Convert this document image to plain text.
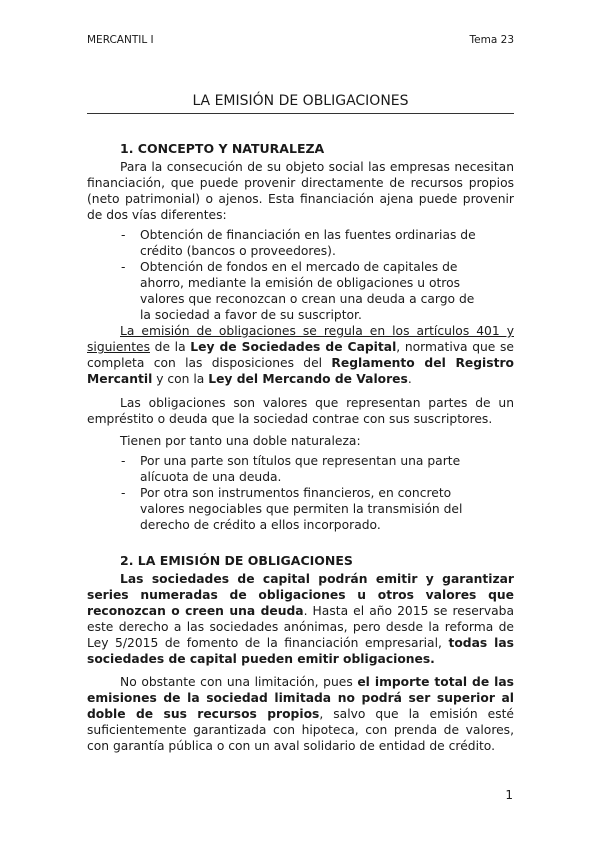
MERCANTIL I	Tema 23
LA EMISIÓN DE OBLIGACIONES
1. CONCEPTO Y NATURALEZA

Para la consecución de su objeto social las empresas necesitan financiación, que puede provenir directamente de recursos propios (neto patrimonial) o ajenos. Esta financiación ajena puede provenir de dos vías diferentes:

- Obtención de financiación en las fuentes ordinarias de crédito (bancos o proveedores).
- Obtención de fondos en el mercado de capitales de ahorro, mediante la emisión de obligaciones u otros valores que reconozcan o crean una deuda a cargo de la sociedad a favor de su suscriptor.

La emisión de obligaciones se regula en los artículos 401 y siguientes de la Ley de Sociedades de Capital, normativa que se completa con las disposiciones del Reglamento del Registro Mercantil y con la Ley del Mercando de Valores.

Las obligaciones son valores que representan partes de un empréstito o deuda que la sociedad contrae con sus suscriptores.

Tienen por tanto una doble naturaleza:

- Por una parte son títulos que representan una parte alícuota de una deuda.
- Por otra son instrumentos financieros, en concreto valores negociables que permiten la transmisión del derecho de crédito a ellos incorporado.
2. LA EMISIÓN DE OBLIGACIONES

Las sociedades de capital podrán emitir y garantizar series numeradas de obligaciones u otros valores que reconozcan o creen una deuda. Hasta el año 2015 se reservaba este derecho a las sociedades anónimas, pero desde la reforma de Ley 5/2015 de fomento de la financiación empresarial, todas las sociedades de capital pueden emitir obligaciones.

No obstante con una limitación, pues el importe total de las emisiones de la sociedad limitada no podrá ser superior al doble de sus recursos propios, salvo que la emisión esté suficientemente garantizada con hipoteca, con prenda de valores, con garantía pública o con un aval solidario de entidad de crédito.

1
